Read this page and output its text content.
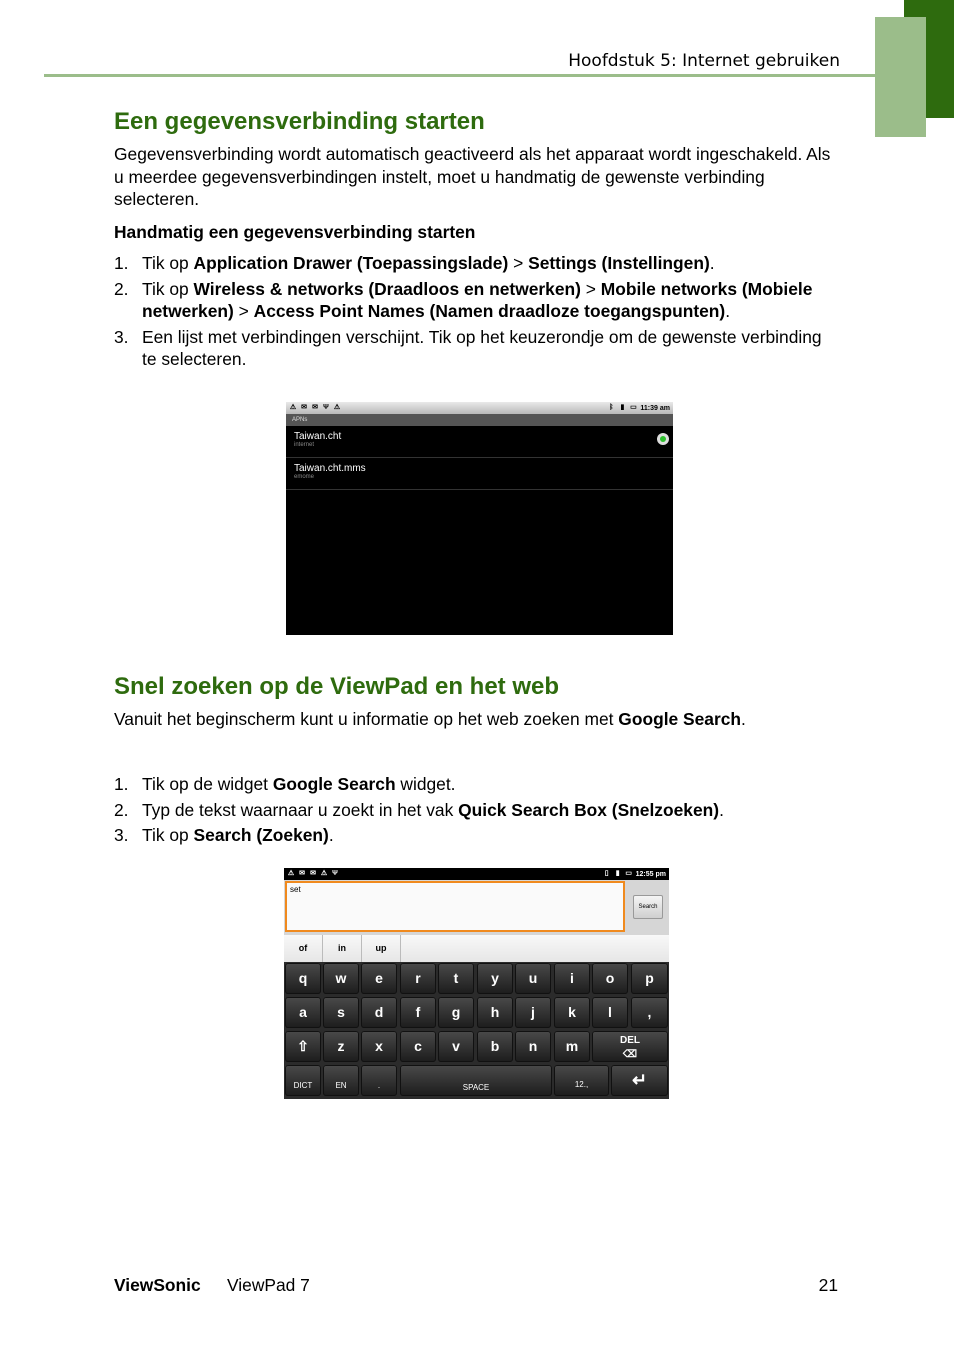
Hoofdstuk 5: Internet gebruiken
Een gegevensverbinding starten

Gegevensverbinding wordt automatisch geactiveerd als het apparaat wordt ingeschakeld. Als u meerdee gegevensverbindingen instelt, moet u handmatig de gewenste verbinding selecteren.

Handmatig een gegevensverbinding starten

1. Tik op Application Drawer (Toepassingslade) > Settings (Instellingen).
2. Tik op Wireless & networks (Draadloos en netwerken) > Mobile networks (Mobiele netwerken) > Access Point Names (Namen draadloze toegangspunten).
3. Een lijst met verbindingen verschijnt. Tik op het keuzerondje om de gewenste verbinding te selecteren.
⚠ ✉ ✉ Ψ ⚠	ᛒ ▮ ▭ 11:39 am
APNs
Taiwan.cht
internet
Taiwan.cht.mms
emome
Snel zoeken op de ViewPad en het web

Vanuit het beginscherm kunt u informatie op het web zoeken met Google Search.

1. Tik op de widget Google Search widget.
2. Typ de tekst waarnaar u zoekt in het vak Quick Search Box (Snelzoeken).
3. Tik op Search (Zoeken).
⚠ ✉ ✉ ⚠ Ψ	▯ ▮ ▭ 12:55 pm
set
Search
of	in	up
q	w	e	r	t	y	u	i	o	p
a	s	d	f	g	h	j	k	l	,
⇧	z	x	c	v	b	n	m	DEL
⌫
DICT	EN	.	SPACE	12.,	↵
ViewSonic ViewPad 7	21
